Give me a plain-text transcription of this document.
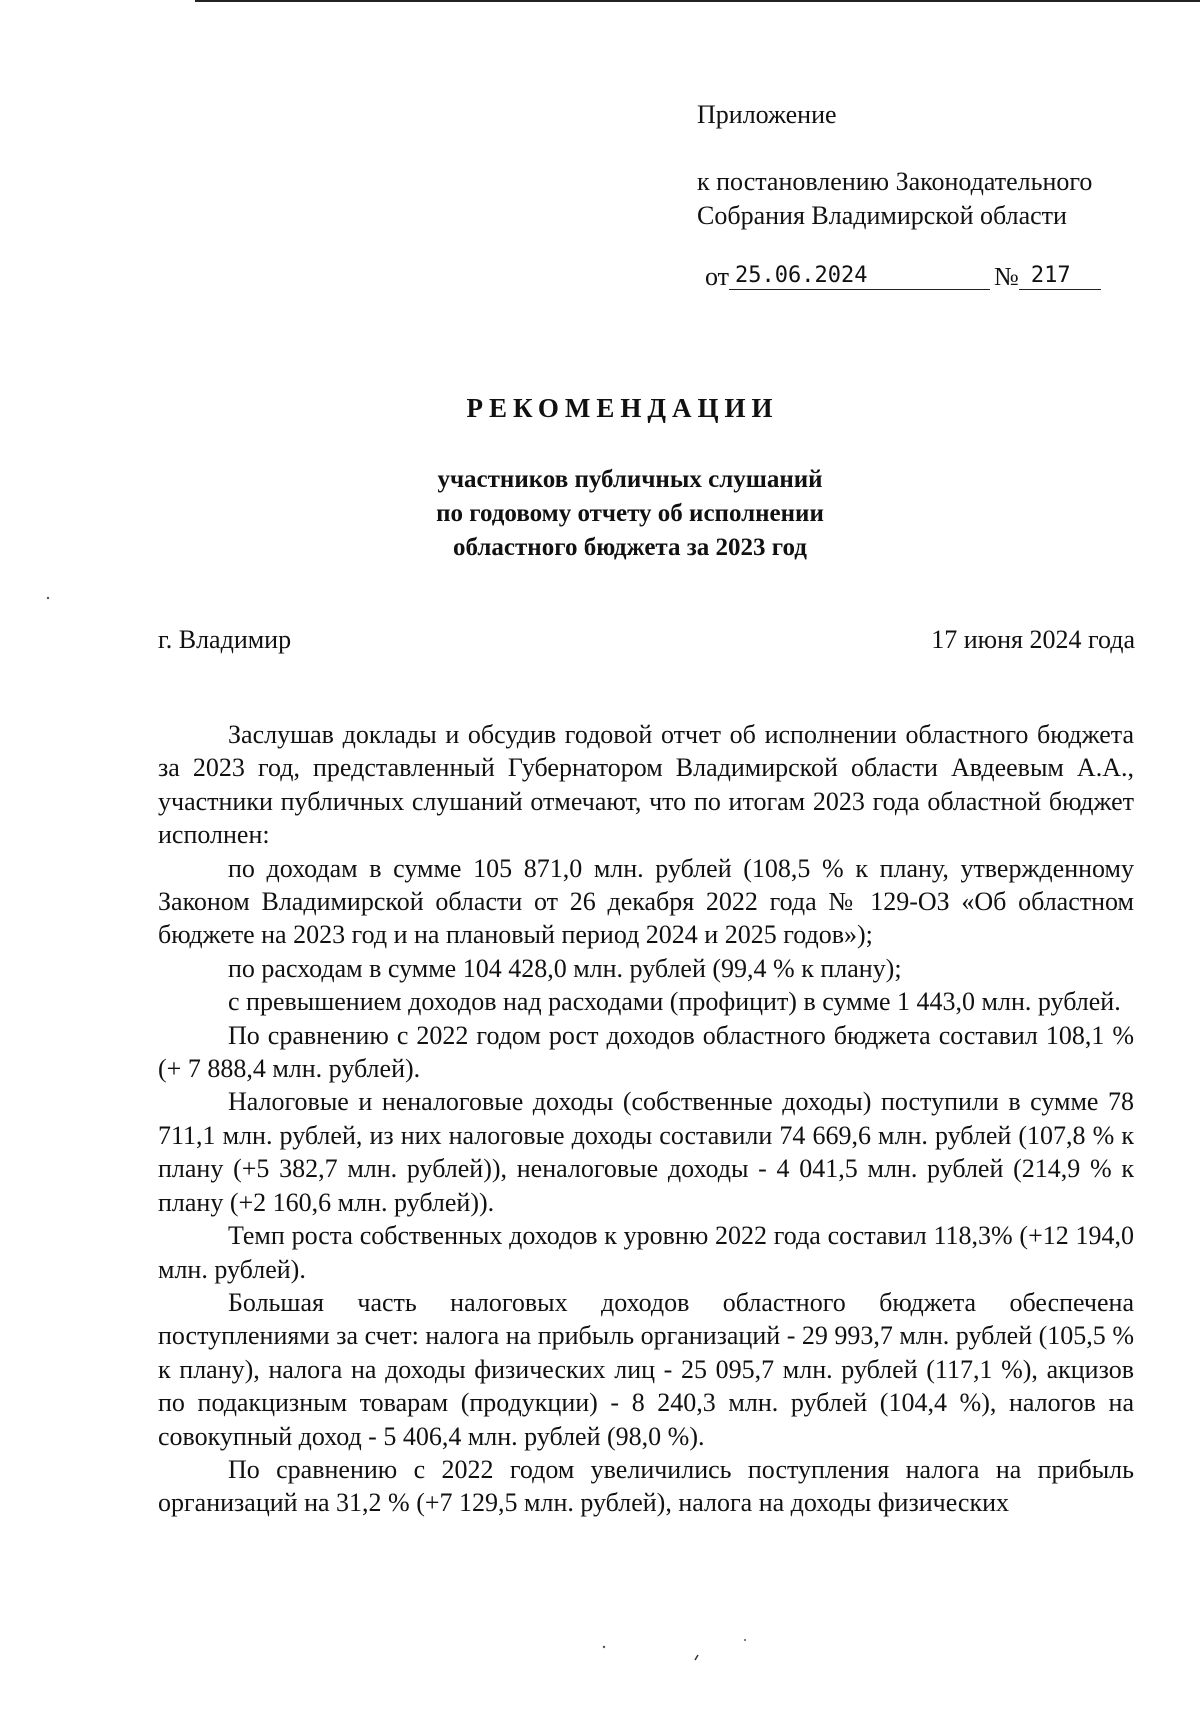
Приложение
к постановлению Законодательного
Собрания Владимирской области
от 25.06.2024	№ 217
РЕКОМЕНДАЦИИ
участников публичных слушаний
по годовому отчету об исполнении
областного бюджета за 2023 год
г. Владимир	17 июня 2024 года

Заслушав доклады и обсудив годовой отчет об исполнении областного бюджета за 2023 год, представленный Губернатором Владимирской области Авдеевым А.А., участники публичных слушаний отмечают, что по итогам 2023 года областной бюджет исполнен:

по доходам в сумме 105 871,0 млн. рублей (108,5 % к плану, утвержденному Законом Владимирской области от 26 декабря 2022 года № 129-ОЗ «Об областном бюджете на 2023 год и на плановый период 2024 и 2025 годов»);

по расходам в сумме 104 428,0 млн. рублей (99,4 % к плану);

с превышением доходов над расходами (профицит) в сумме 1 443,0 млн. рублей.

По сравнению с 2022 годом рост доходов областного бюджета составил 108,1 % (+ 7 888,4 млн. рублей).

Налоговые и неналоговые доходы (собственные доходы) поступили в сумме 78 711,1 млн. рублей, из них налоговые доходы составили 74 669,6 млн. рублей (107,8 % к плану (+5 382,7 млн. рублей)), неналоговые доходы - 4 041,5 млн. рублей (214,9 % к плану (+2 160,6 млн. рублей)).

Темп роста собственных доходов к уровню 2022 года составил 118,3% (+12 194,0 млн. рублей).

Большая часть налоговых доходов областного бюджета обеспечена поступлениями за счет: налога на прибыль организаций - 29 993,7 млн. рублей (105,5 % к плану), налога на доходы физических лиц - 25 095,7 млн. рублей (117,1 %), акцизов по подакцизным товарам (продукции) - 8 240,3 млн. рублей (104,4 %), налогов на совокупный доход - 5 406,4 млн. рублей (98,0 %).

По сравнению с 2022 годом увеличились поступления налога на прибыль организаций на 31,2 % (+7 129,5 млн. рублей), налога на доходы физических
